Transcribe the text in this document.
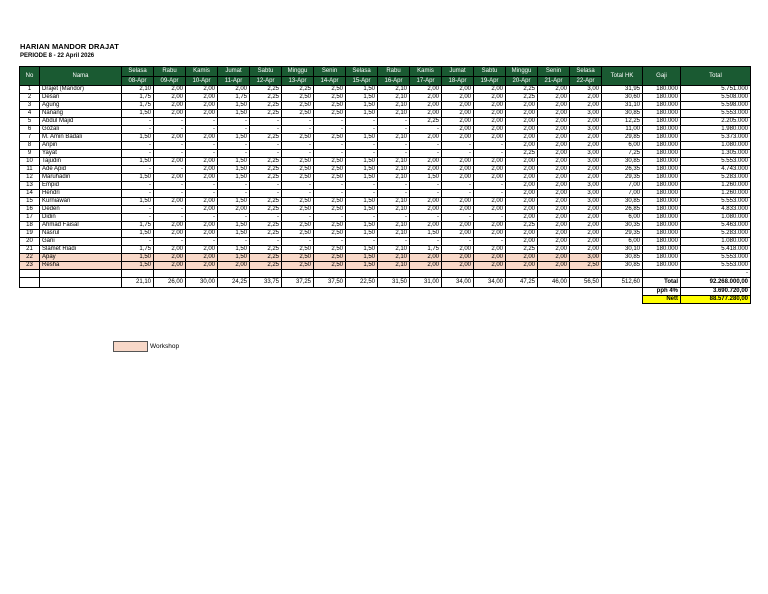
HARIAN MANDOR DRAJAT
PERIODE 8 - 22 April 2026
No	Nama	Selasa	Rabu	Kamis	Jumat	Sabtu	Minggu	Senin	Selasa	Rabu	Kamis	Jumat	Sabtu	Minggu	Senin	Selasa	Total HK	Gaji	Total
		08-Apr	09-Apr	10-Apr	11-Apr	12-Apr	13-Apr	14-Apr	15-Apr	16-Apr	17-Apr	18-Apr	19-Apr	20-Apr	21-Apr	22-Apr			
1	Drajet (Mandor)	2,10	2,00	2,00	2,00	2,25	2,25	2,50	1,50	2,10	2,00	2,00	2,00	2,25	2,00	3,00	31,95	180.000	5.751.000
2	Desan	1,75	2,00	2,00	1,75	2,25	2,50	2,50	1,50	2,10	2,00	2,00	2,00	2,25	2,00	2,00	30,60	180.000	5.508.000
3	Agung	1,75	2,00	2,00	1,50	2,25	2,50	2,50	1,50	2,10	2,00	2,00	2,00	2,00	2,00	2,00	31,10	180.000	5.598.000
4	Nanang	1,50	2,00	2,00	1,50	2,25	2,50	2,50	1,50	2,10	2,00	2,00	2,00	2,00	2,00	3,00	30,85	180.000	5.553.000
5	Abdul Majid	-	-	-	-	-	-	-	-	-	2,25	2,00	2,00	2,00	2,00	2,00	12,25	180.000	2.205.000
6	Gozali	-	-	-	-	-	-	-	-	-	-	2,00	2,00	2,00	2,00	3,00	11,00	180.000	1.980.000
7	M. Amin Badali	1,50	2,00	2,00	1,50	2,25	2,50	2,50	1,50	2,10	2,00	2,00	2,00	2,00	2,00	2,00	29,85	180.000	5.373.000
8	Aripin	-	-	-	-	-	-	-	-	-	-	-	-	2,00	2,00	2,00	6,00	180.000	1.080.000
9	Yayat	-	-	-	-	-	-	-	-	-	-	-	-	2,25	2,00	3,00	7,25	180.000	1.305.000
10	Tajudin	1,50	2,00	2,00	1,50	2,25	2,50	2,50	1,50	2,10	2,00	2,00	2,00	2,00	2,00	3,00	30,85	180.000	5.553.000
11	Ade Apid	-	-	2,00	1,50	2,25	2,50	2,50	1,50	2,10	2,00	2,00	2,00	2,00	2,00	2,00	26,35	180.000	4.743.000
12	Maruhadin	1,50	2,00	2,00	1,50	2,25	2,50	2,50	1,50	2,10	1,50	2,00	2,00	2,00	2,00	2,00	29,35	180.000	5.283.000
13	Empid	-	-	-	-	-	-	-	-	-	-	-	-	2,00	2,00	3,00	7,00	180.000	1.260.000
14	Hendri	-	-	-	-	-	-	-	-	-	-	-	-	2,00	2,00	3,00	7,00	180.000	1.260.000
15	Kurniawan	1,50	2,00	2,00	1,50	2,25	2,50	2,50	1,50	2,10	2,00	2,00	2,00	2,00	2,00	3,00	30,85	180.000	5.553.000
16	Deden	-	-	2,00	2,00	2,25	2,50	2,50	1,50	2,10	2,00	2,00	2,00	2,00	2,00	2,00	26,85	180.000	4.833.000
17	Didin	-	-	-	-	-	-	-	-	-	-	-	-	2,00	2,00	2,00	6,00	180.000	1.080.000
18	Ahmad Faisal	1,75	2,00	2,00	1,50	2,25	2,50	2,50	1,50	2,10	2,00	2,00	2,00	2,25	2,00	2,00	30,35	180.000	5.463.000
19	Nasrul	1,50	2,00	2,00	1,50	2,25	2,50	2,50	1,50	2,10	1,50	2,00	2,00	2,00	2,00	2,00	29,35	180.000	5.283.000
20	Gani	-	-	-	-	-	-	-	-	-	-	-	-	2,00	2,00	2,00	6,00	180.000	1.080.000
21	Slamet Riadi	1,75	2,00	2,00	1,50	2,25	2,50	2,50	1,50	2,10	1,75	2,00	2,00	2,25	2,00	2,00	30,10	180.000	5.418.000
22	Apay	1,50	2,00	2,00	1,50	2,25	2,50	2,50	1,50	2,10	2,00	2,00	2,00	2,00	2,00	3,00	30,85	180.000	5.553.000
23	Resha	1,50	2,00	2,00	2,00	2,25	2,50	2,50	1,50	2,10	2,00	2,00	2,00	2,00	2,00	2,50	30,85	180.000	5.553.000
																			-
		21,10	26,00	30,00	24,25	33,75	37,25	37,50	22,50	31,50	31,00	34,00	34,00	47,25	46,00	56,50	512,60	Total	92.268.000,00
																		pph 4%	3.690.720,00
																		Nett	88.577.280,00
Workshop
